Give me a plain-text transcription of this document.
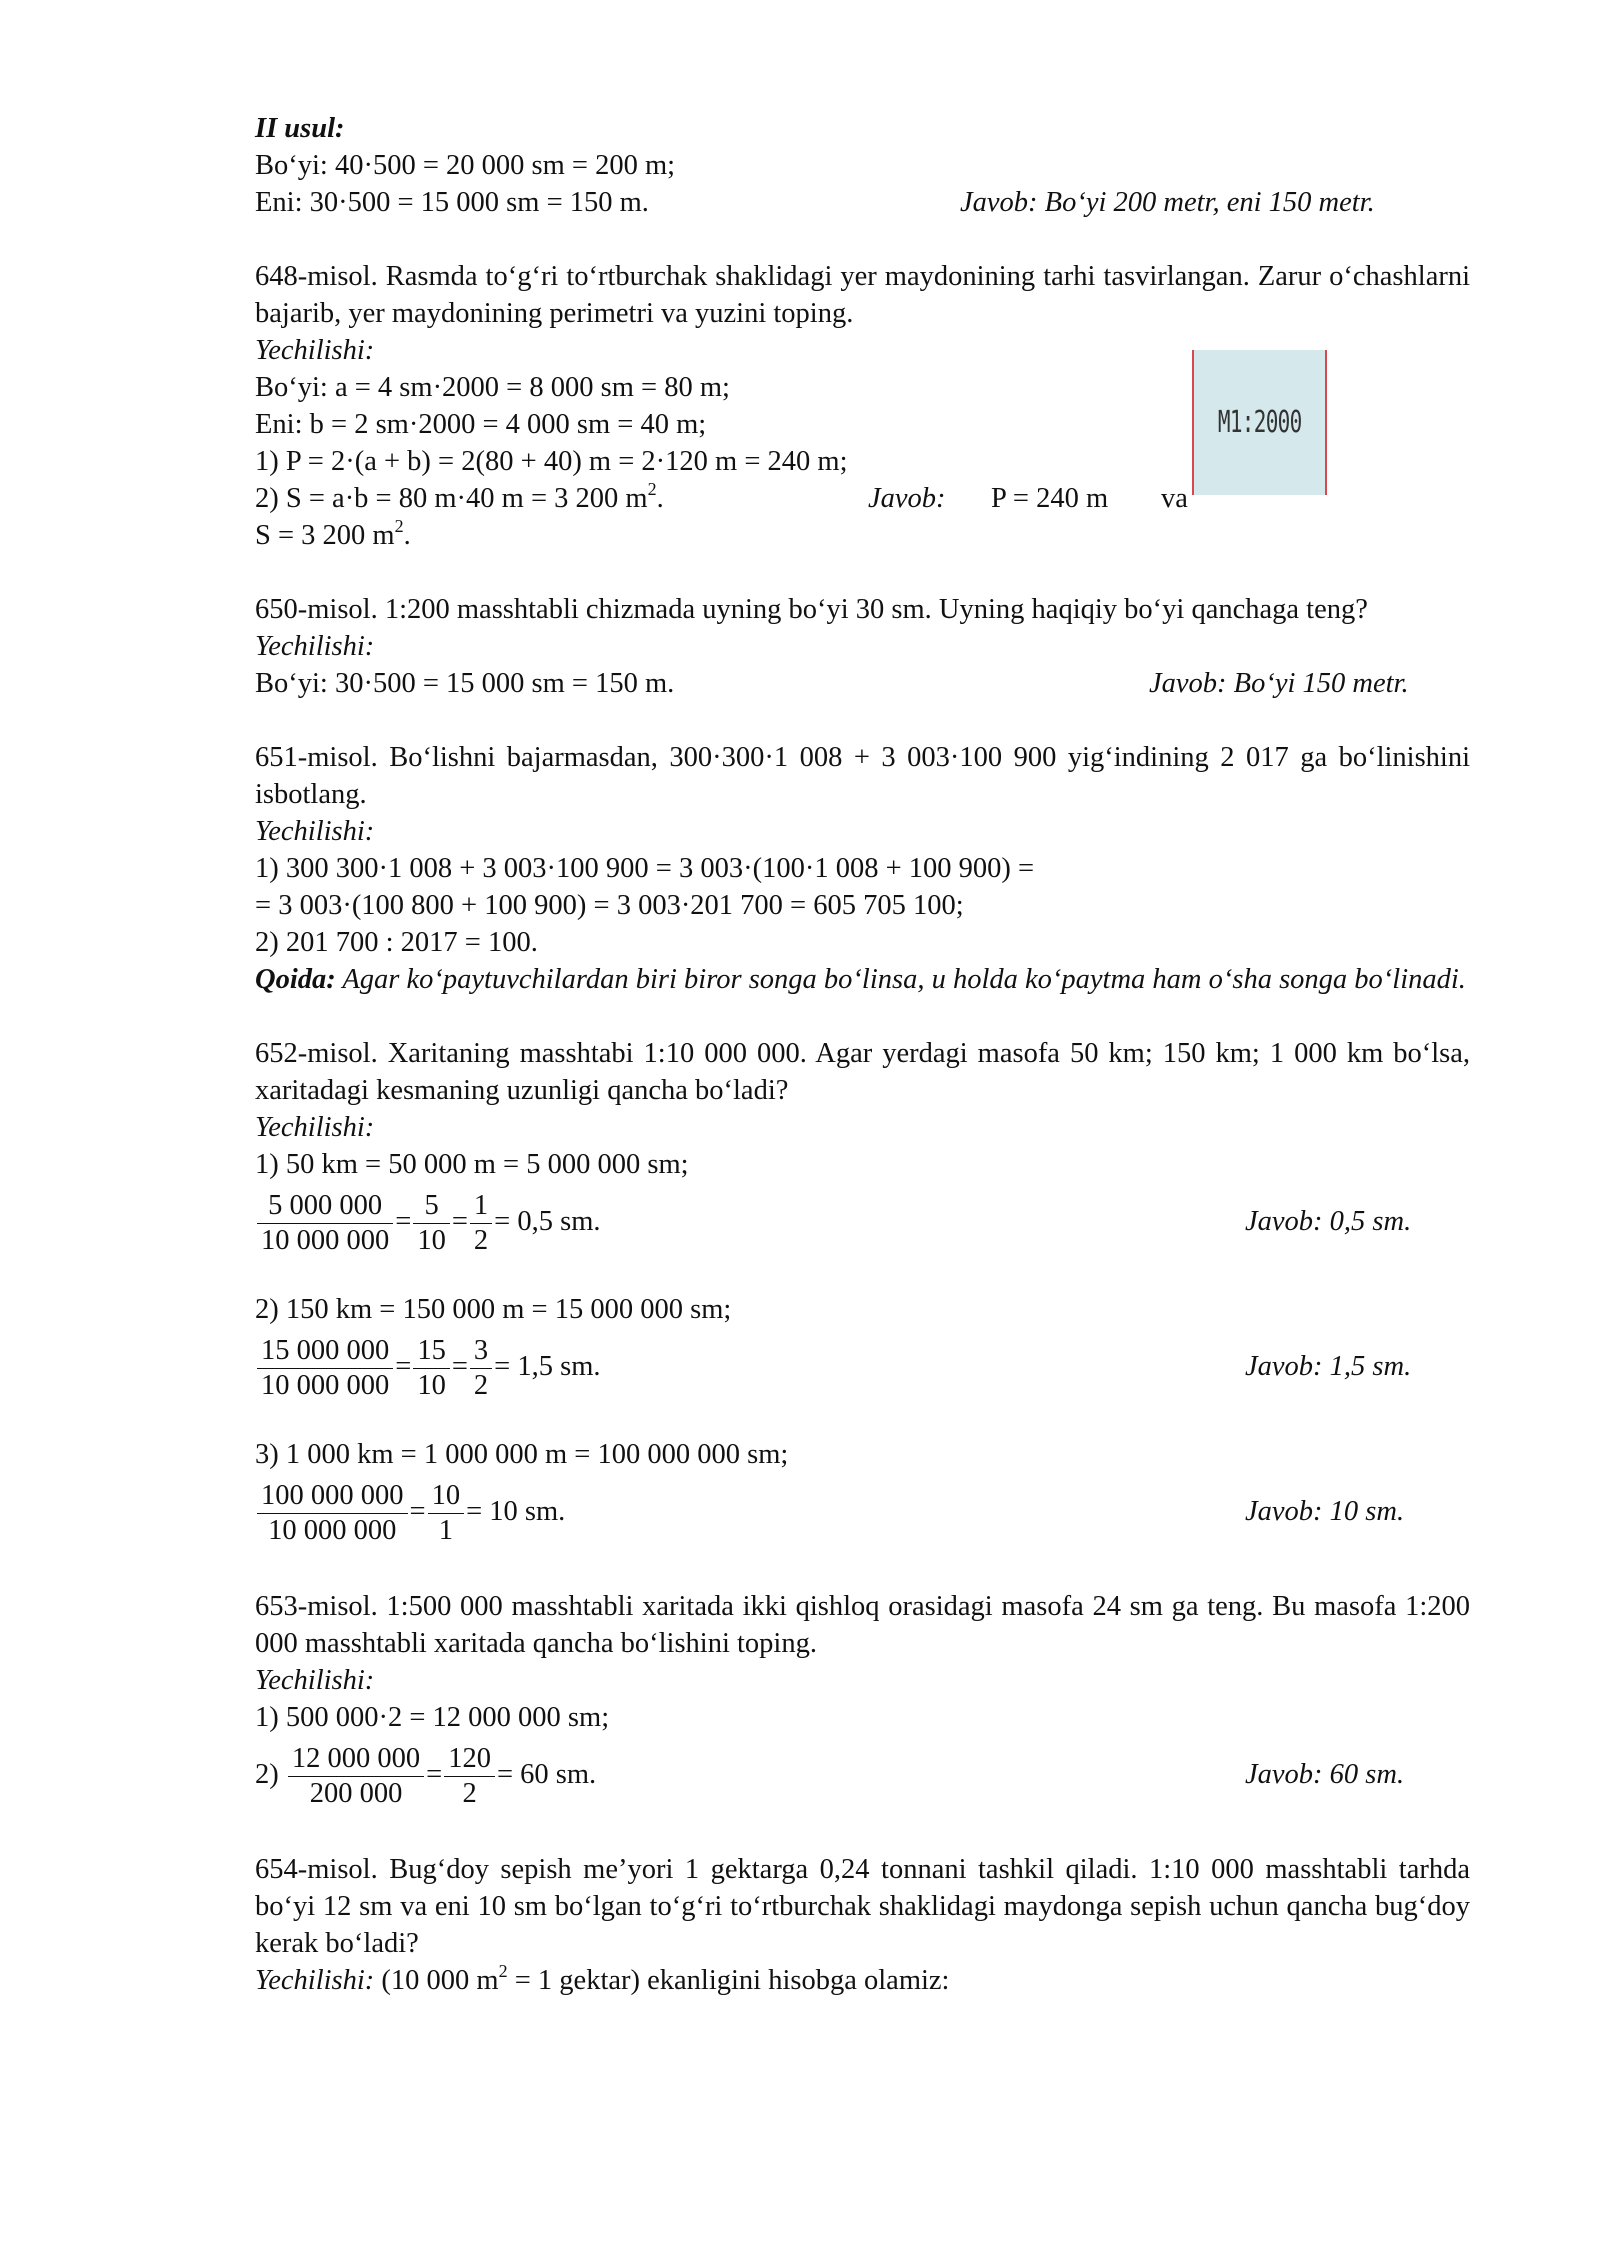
II usul:
Bo‘yi: 40·500 = 20 000 sm = 200 m;
Eni: 30·500 = 15 000 sm = 150 m.	Javob: Bo‘yi 200 metr, eni 150 metr.
648-misol. Rasmda to‘g‘ri to‘rtburchak shaklidagi yer maydonining tarhi tasvirlangan. Zarur o‘chashlarni bajarib, yer maydonining perimetri va yuzini toping.
Yechilishi:
Bo‘yi: a = 4 sm·2000 = 8 000 sm = 80 m;
Eni: b = 2 sm·2000 = 4 000 sm = 40 m;
1) P = 2·(a + b) = 2(80 + 40) m = 2·120 m = 240 m;
2) S = a·b = 80 m·40 m = 3 200 $m^2$.	Javob: P = 240 m va
S = 3 200 $m^2$.
650-misol. 1:200 masshtabli chizmada uyning bo‘yi 30 sm. Uyning haqiqiy bo‘yi qanchaga teng?
Yechilishi:
Bo‘yi: 30·500 = 15 000 sm = 150 m.	Javob: Bo‘yi 150 metr.
651-misol. Bo‘lishni bajarmasdan, 300·300·1 008 + 3 003·100 900 yig‘indining 2 017 ga bo‘linishini isbotlang.
Yechilishi:
1) 300 300·1 008 + 3 003·100 900 = 3 003·(100·1 008 + 100 900) =
= 3 003·(100 800 + 100 900) = 3 003·201 700 = 605 705 100;
2) 201 700 : 2017 = 100.
Qoida: Agar ko‘paytuvchilardan biri biror songa bo‘linsa, u holda ko‘paytma ham o‘sha songa bo‘linadi.
652-misol. Xaritaning masshtabi 1:10 000 000. Agar yerdagi masofa 50 km; 150 km; 1 000 km bo‘lsa, xaritadagi kesmaning uzunligi qancha bo‘ladi?
Yechilishi:
1) 50 km = 50 000 m = 5 000 000 sm;
$\frac{5 000 000}{10 000 000} = \frac{5}{10} = \frac{1}{2} = 0,5$ sm.	Javob: 0,5 sm.
2) 150 km = 150 000 m = 15 000 000 sm;
$\frac{15 000 000}{10 000 000} = \frac{15}{10} = \frac{3}{2} = 1,5$ sm.	Javob: 1,5 sm.
3) 1 000 km = 1 000 000 m = 100 000 000 sm;
$\frac{100 000 000}{10 000 000} = \frac{10}{1} = 10$ sm.	Javob: 10 sm.
653-misol. 1:500 000 masshtabli xaritada ikki qishloq orasidagi masofa 24 sm ga teng. Bu masofa 1:200 000 masshtabli xaritada qancha bo‘lishini toping.
Yechilishi:
1) 500 000·2 = 12 000 000 sm;
$2) \frac{12 000 000}{200 000} = \frac{120}{2} = 60$ sm.	Javob: 60 sm.
654-misol. Bug‘doy sepish me’yori 1 gektarga 0,24 tonnani tashkil qiladi. 1:10 000 masshtabli tarhda bo‘yi 12 sm va eni 10 sm bo‘lgan to‘g‘ri to‘rtburchak shaklidagi maydonga sepish uchun qancha bug‘doy kerak bo‘ladi?
Yechilishi: (10 000 $m^2 = 1$ gektar) ekanligini hisobga olamiz:
M1:2000
